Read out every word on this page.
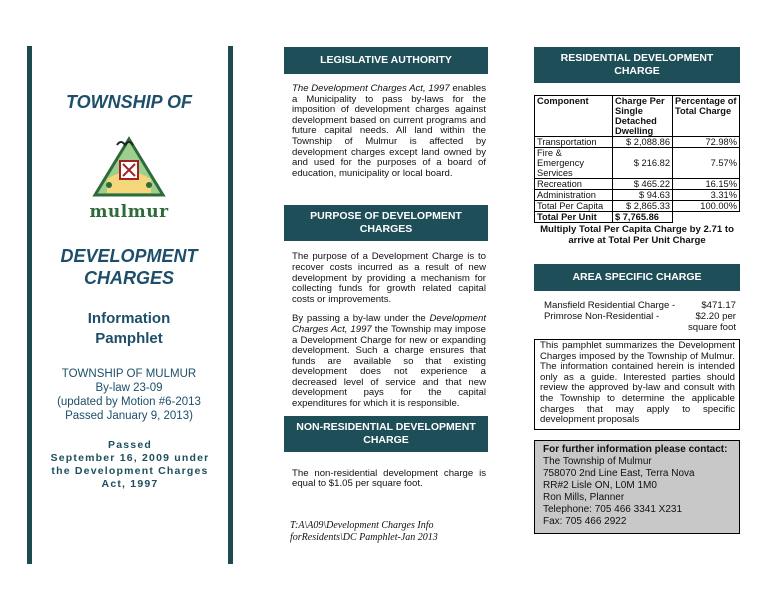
TOWNSHIP OF
mulmur
DEVELOPMENT
CHARGES
Information
Pamphlet
TOWNSHIP OF MULMUR
By-law 23-09
(updated by Motion #6-2013
Passed January 9, 2013)
Passed
September 16, 2009 under
the Development Charges
Act, 1997
LEGISLATIVE AUTHORITY
The Development Charges Act, 1997 enables a Municipality to pass by-laws for the imposition of development charges against development based on current programs and future capital needs. All land within the Township of Mulmur is affected by development charges except land owned by and used for the purposes of a board of education, municipality or local board.
PURPOSE OF DEVELOPMENT CHARGES
The purpose of a Development Charge is to recover costs incurred as a result of new development by providing a mechanism for collecting funds for growth related capital costs or improvements.
By passing a by-law under the Development Charges Act, 1997 the Township may impose a Development Charge for new or expanding development. Such a charge ensures that funds are available so that existing development does not experience a decreased level of service and that new development pays for the capital expenditures for which it is responsible.
NON-RESIDENTIAL DEVELOPMENT CHARGE
The non-residential development charge is equal to $1.05 per square foot.
T:A\A09\Development Charges Info
forResidents\DC Pamphlet-Jan 2013
RESIDENTIAL DEVELOPMENT CHARGE
Component	Charge Per Single Detached Dwelling	Percentage of Total Charge
Transportation	$ 2,088.86	72.98%
Fire & Emergency Services	$ 216.82	7.57%
Recreation	$ 465.22	16.15%
Administration	$ 94.63	3.31%
Total Per Capita	$ 2,865.33	100.00%
Total Per Unit	$ 7,765.86	
Multiply Total Per Capita Charge by 2.71 to arrive at Total Per Unit Charge
AREA SPECIFIC CHARGE
Mansfield Residential Charge -	$471.17
Primrose Non-Residential -	$2.20 per
square foot
This pamphlet summarizes the Development Charges imposed by the Township of Mulmur. The information contained herein is intended only as a guide. Interested parties should review the approved by-law and consult with the Township to determine the applicable charges that may apply to specific development proposals
For further information please contact:
The Township of Mulmur
758070 2nd Line East, Terra Nova
RR#2 Lisle ON, L0M 1M0
Ron Mills, Planner
Telephone: 705 466 3341 X231
Fax: 705 466 2922
